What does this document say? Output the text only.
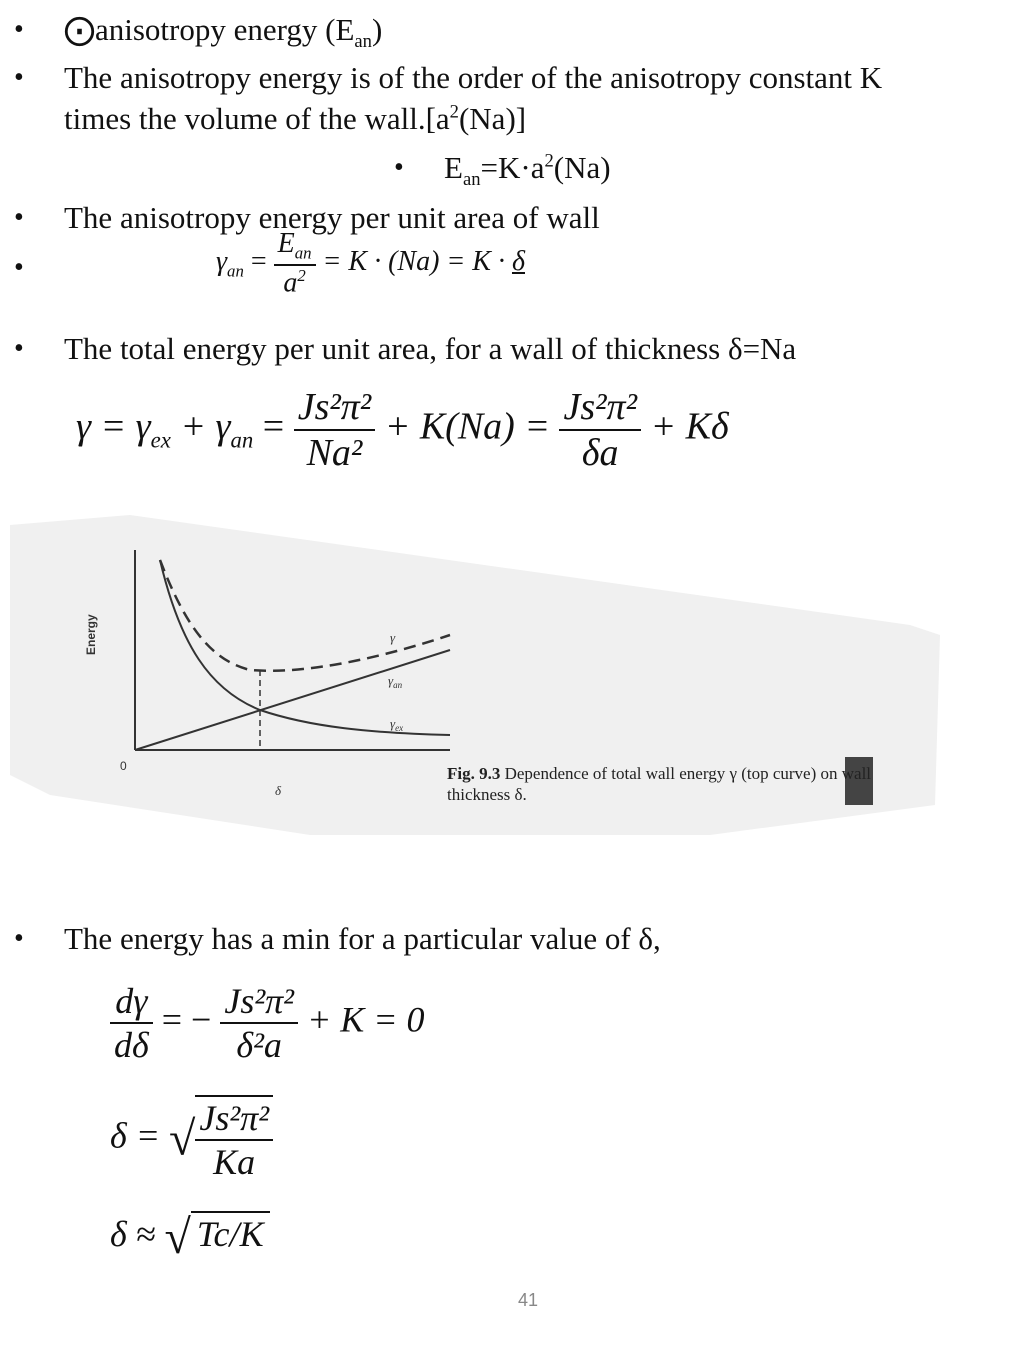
• ⨀anisotropy energy $(E_{an})$
• The anisotropy energy is of the order of the anisotropy constant K
times the volume of the $wall.[a^2(Na)]$
• $E_{an}=K\cdot a^2(Na)$
• The anisotropy energy per unit area of wall
•	$\gamma_{an} = \frac{E_{an}}{a^2} = K \cdot (Na) = K \cdot \delta$
• The total energy per unit area, for a wall of thickness δ=Na
$\gamma = \gamma_{ex} + \gamma_{an} = \frac{\text{Js²π²}}{\text{Na²}} + K(Na) = \frac{\text{Js²π²}}{\delta a} + K\delta$
Energy
0
δ
γ
$\gamma_{an}$
$\gamma_{ex}$
Fig. 9.3 Dependence of total wall energy γ (top curve) on wall thickness δ.
• The energy has a min for a particular value of δ,
$\frac{d\gamma}{d\delta}$ = − $\frac{\text{Js²π²}}{\text{δ²a}} + K = 0$
δ = √ $\frac{\text{Js²π²}}{Ka}$
δ ≈ √ Tc/K
41
